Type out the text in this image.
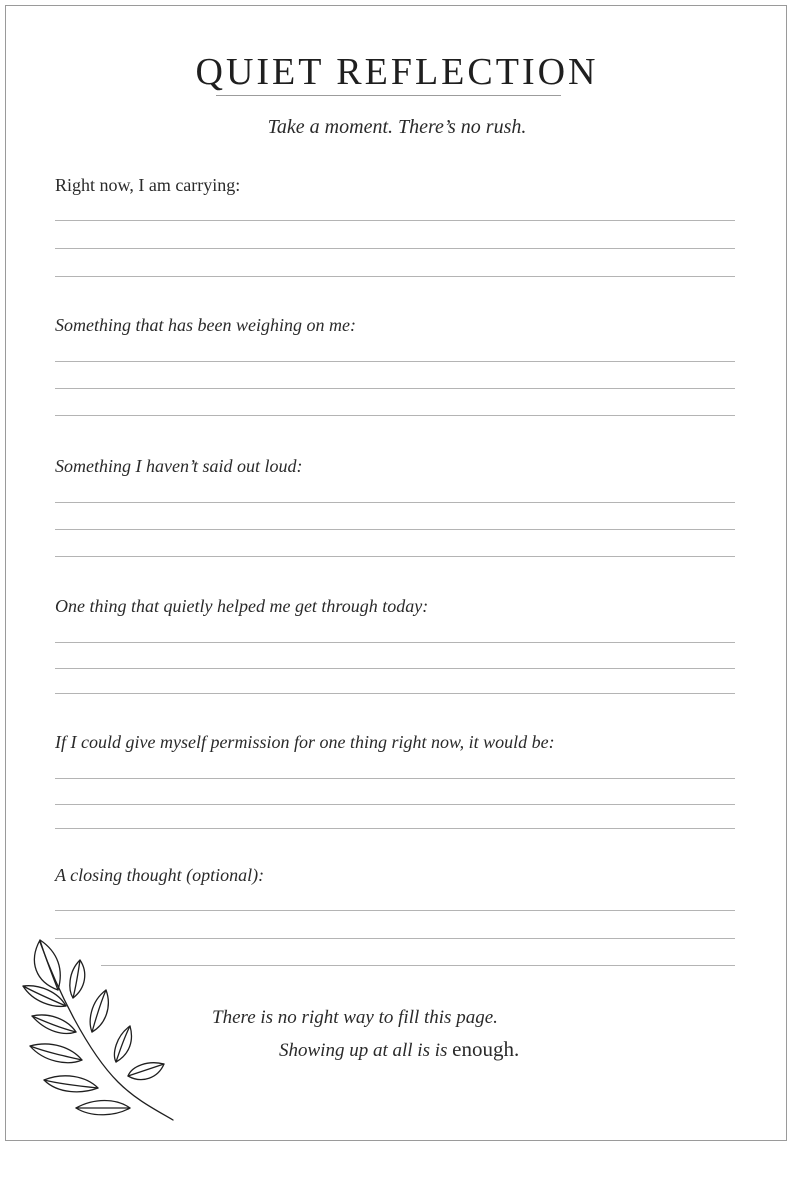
QUIET REFLECTION
Take a moment. There’s no rush.
Right now, I am carrying:
Something that has been weighing on me:
Something I haven’t said out loud:
One thing that quietly helped me get through today:
If I could give myself permission for one thing right now, it would be:
A closing thought (optional):
There is no right way to fill this page.
Showing up at all is is enough.
